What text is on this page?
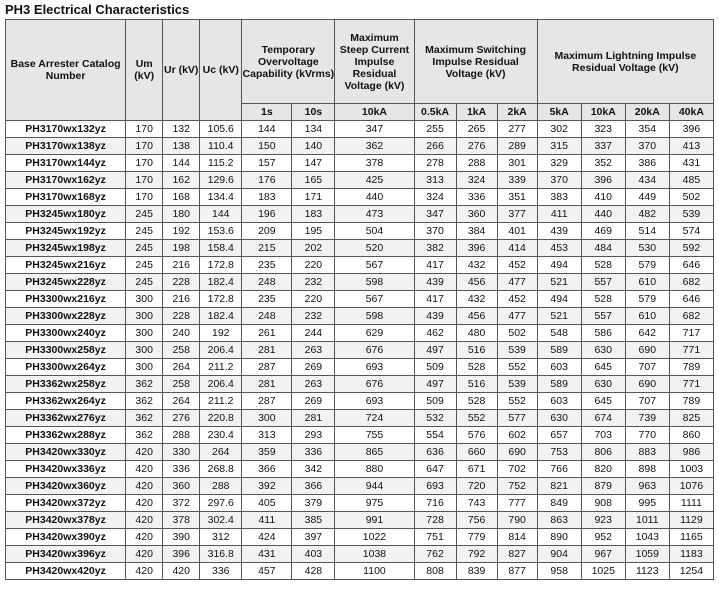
PH3 Electrical Characteristics
Base Arrester Catalog Number	Um (kV)	Ur (kV)	Uc (kV)	Temporary Overvoltage Capability (kVrms)		Maximum Steep Current Impulse Residual Voltage (kV)	Maximum Switching Impulse Residual Voltage (kV)			Maximum Lightning Impulse Residual Voltage (kV)			
				1s	10s	10kA	0.5kA	1kA	2kA	5kA	10kA	20kA	40kA
PH3170wx132yz	170	132	105.6	144	134	347	255	265	277	302	323	354	396
PH3170wx138yz	170	138	110.4	150	140	362	266	276	289	315	337	370	413
PH3170wx144yz	170	144	115.2	157	147	378	278	288	301	329	352	386	431
PH3170wx162yz	170	162	129.6	176	165	425	313	324	339	370	396	434	485
PH3170wx168yz	170	168	134.4	183	171	440	324	336	351	383	410	449	502
PH3245wx180yz	245	180	144	196	183	473	347	360	377	411	440	482	539
PH3245wx192yz	245	192	153.6	209	195	504	370	384	401	439	469	514	574
PH3245wx198yz	245	198	158.4	215	202	520	382	396	414	453	484	530	592
PH3245wx216yz	245	216	172.8	235	220	567	417	432	452	494	528	579	646
PH3245wx228yz	245	228	182.4	248	232	598	439	456	477	521	557	610	682
PH3300wx216yz	300	216	172.8	235	220	567	417	432	452	494	528	579	646
PH3300wx228yz	300	228	182.4	248	232	598	439	456	477	521	557	610	682
PH3300wx240yz	300	240	192	261	244	629	462	480	502	548	586	642	717
PH3300wx258yz	300	258	206.4	281	263	676	497	516	539	589	630	690	771
PH3300wx264yz	300	264	211.2	287	269	693	509	528	552	603	645	707	789
PH3362wx258yz	362	258	206.4	281	263	676	497	516	539	589	630	690	771
PH3362wx264yz	362	264	211.2	287	269	693	509	528	552	603	645	707	789
PH3362wx276yz	362	276	220.8	300	281	724	532	552	577	630	674	739	825
PH3362wx288yz	362	288	230.4	313	293	755	554	576	602	657	703	770	860
PH3420wx330yz	420	330	264	359	336	865	636	660	690	753	806	883	986
PH3420wx336yz	420	336	268.8	366	342	880	647	671	702	766	820	898	1003
PH3420wx360yz	420	360	288	392	366	944	693	720	752	821	879	963	1076
PH3420wx372yz	420	372	297.6	405	379	975	716	743	777	849	908	995	1111
PH3420wx378yz	420	378	302.4	411	385	991	728	756	790	863	923	1011	1129
PH3420wx390yz	420	390	312	424	397	1022	751	779	814	890	952	1043	1165
PH3420wx396yz	420	396	316.8	431	403	1038	762	792	827	904	967	1059	1183
PH3420wx420yz	420	420	336	457	428	1100	808	839	877	958	1025	1123	1254
